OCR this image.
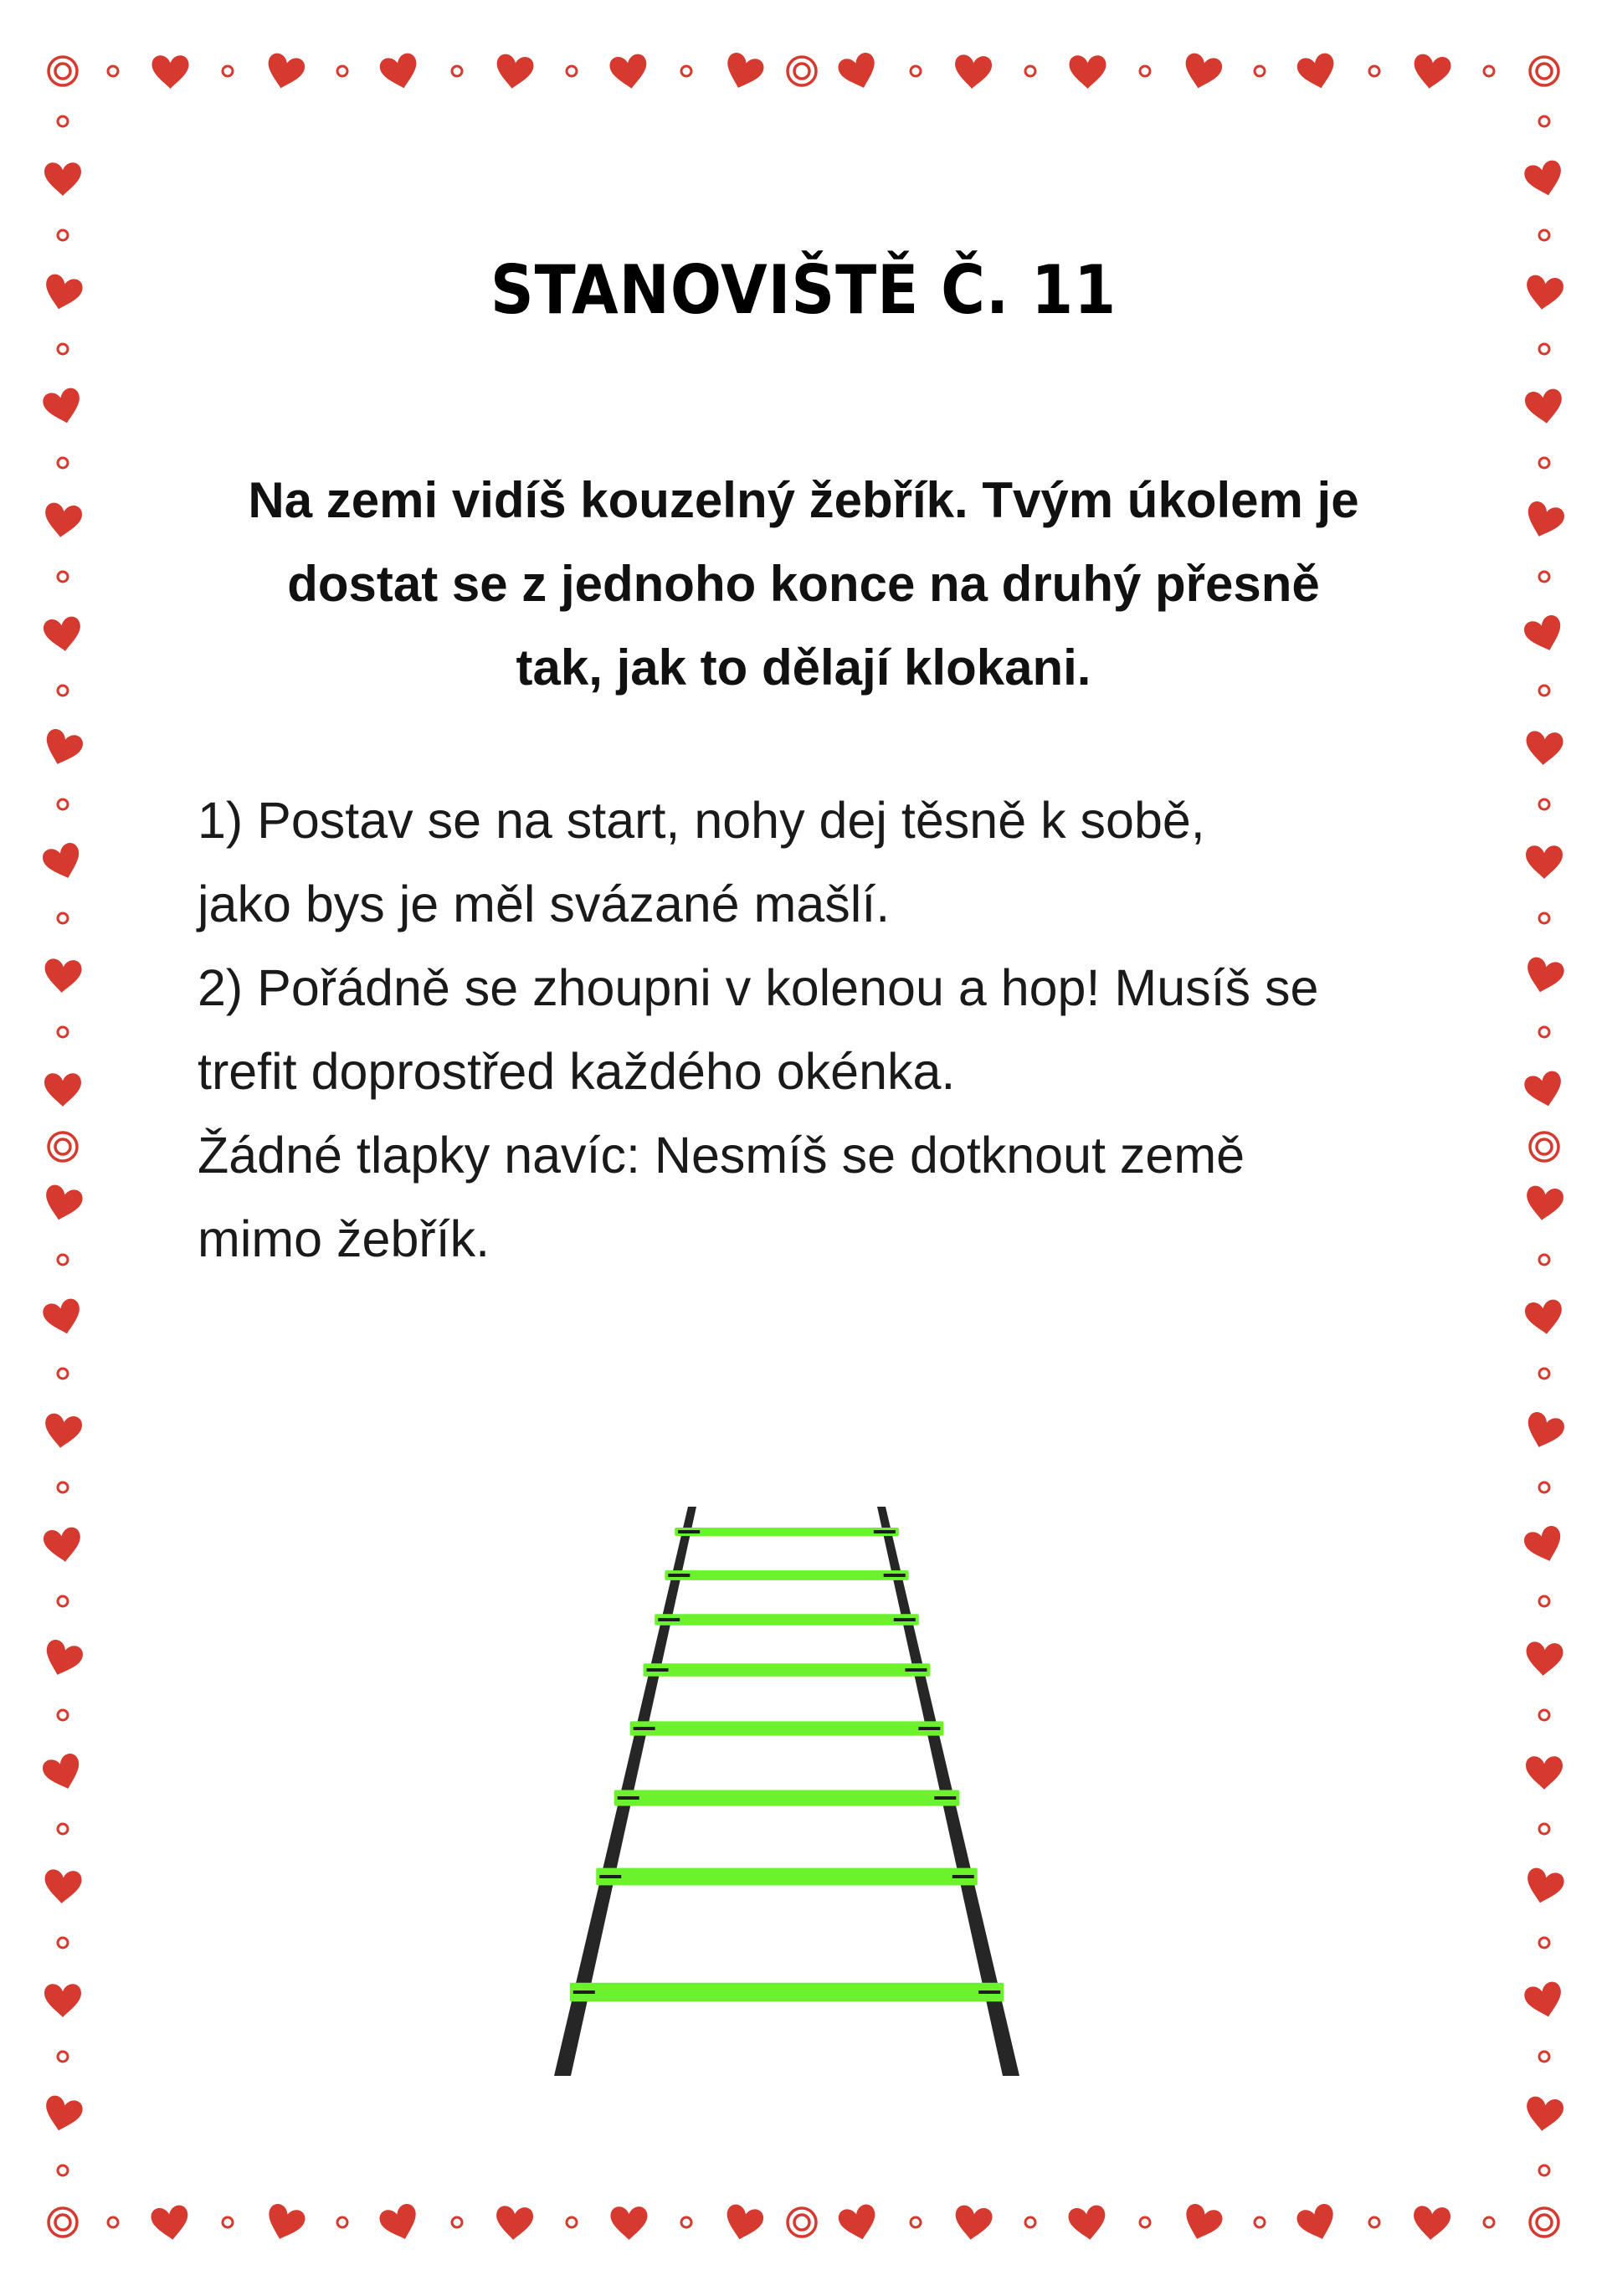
STANOVIŠTĚ Č. 11
Na zemi vidíš kouzelný žebřík. Tvým úkolem je
dostat se z jednoho konce na druhý přesně
tak, jak to dělají klokani.
1) Postav se na start, nohy dej těsně k sobě,
jako bys je měl svázané mašlí.
2) Pořádně se zhoupni v kolenou a hop! Musíš se
trefit doprostřed každého okénka.
Žádné tlapky navíc: Nesmíš se dotknout země
mimo žebřík.
